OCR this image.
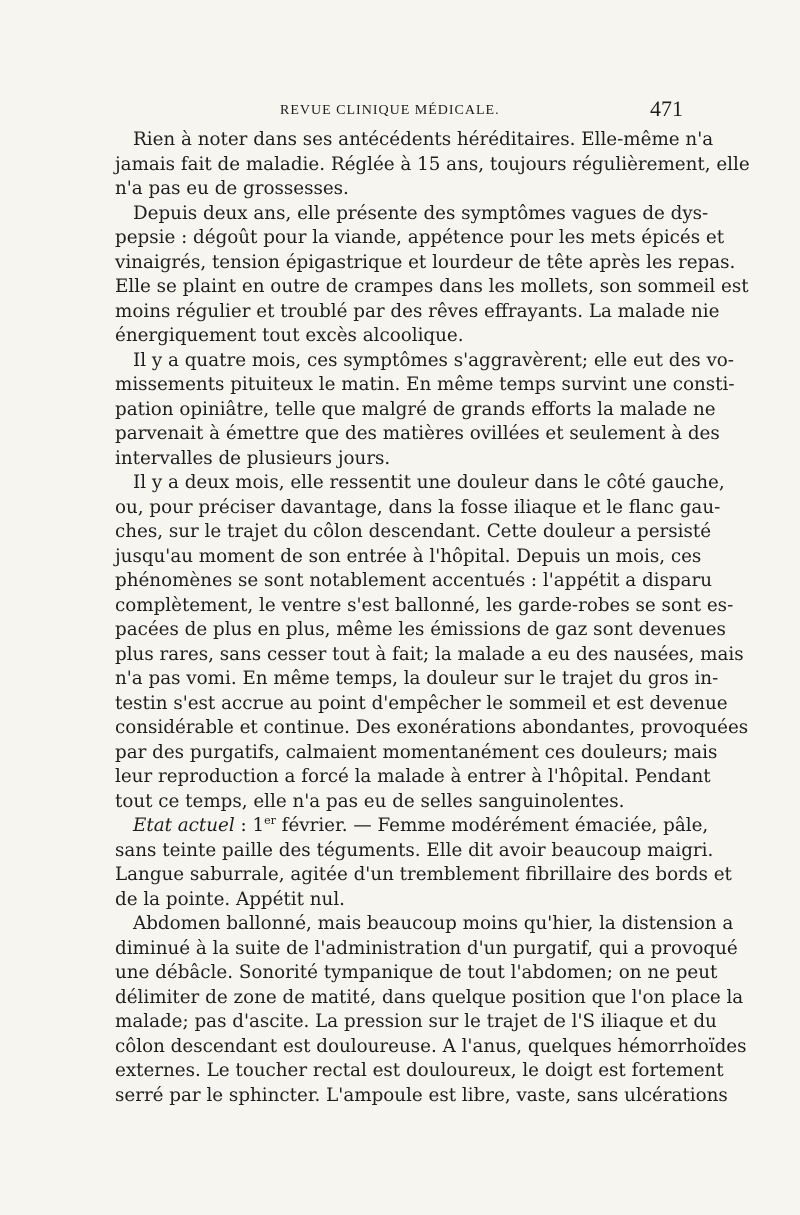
REVUE CLINIQUE MÉDICALE.	471
Rien à noter dans ses antécédents héréditaires. Elle-même n'a
jamais fait de maladie. Réglée à 15 ans, toujours régulièrement, elle
n'a pas eu de grossesses.
Depuis deux ans, elle présente des symptômes vagues de dys-
pepsie : dégoût pour la viande, appétence pour les mets épicés et
vinaigrés, tension épigastrique et lourdeur de tête après les repas.
Elle se plaint en outre de crampes dans les mollets, son sommeil est
moins régulier et troublé par des rêves effrayants. La malade nie
énergiquement tout excès alcoolique.
Il y a quatre mois, ces symptômes s'aggravèrent; elle eut des vo-
missements pituiteux le matin. En même temps survint une consti-
pation opiniâtre, telle que malgré de grands efforts la malade ne
parvenait à émettre que des matières ovillées et seulement à des
intervalles de plusieurs jours.
Il y a deux mois, elle ressentit une douleur dans le côté gauche,
ou, pour préciser davantage, dans la fosse iliaque et le flanc gau-
ches, sur le trajet du côlon descendant. Cette douleur a persisté
jusqu'au moment de son entrée à l'hôpital. Depuis un mois, ces
phénomènes se sont notablement accentués : l'appétit a disparu
complètement, le ventre s'est ballonné, les garde-robes se sont es-
pacées de plus en plus, même les émissions de gaz sont devenues
plus rares, sans cesser tout à fait; la malade a eu des nausées, mais
n'a pas vomi. En même temps, la douleur sur le trajet du gros in-
testin s'est accrue au point d'empêcher le sommeil et est devenue
considérable et continue. Des exonérations abondantes, provoquées
par des purgatifs, calmaient momentanément ces douleurs; mais
leur reproduction a forcé la malade à entrer à l'hôpital. Pendant
tout ce temps, elle n'a pas eu de selles sanguinolentes.
Etat actuel : 1er février. — Femme modérément émaciée, pâle,
sans teinte paille des téguments. Elle dit avoir beaucoup maigri.
Langue saburrale, agitée d'un tremblement fibrillaire des bords et
de la pointe. Appétit nul.
Abdomen ballonné, mais beaucoup moins qu'hier, la distension a
diminué à la suite de l'administration d'un purgatif, qui a provoqué
une débâcle. Sonorité tympanique de tout l'abdomen; on ne peut
délimiter de zone de matité, dans quelque position que l'on place la
malade; pas d'ascite. La pression sur le trajet de l'S iliaque et du
côlon descendant est douloureuse. A l'anus, quelques hémorrhoïdes
externes. Le toucher rectal est douloureux, le doigt est fortement
serré par le sphincter. L'ampoule est libre, vaste, sans ulcérations
